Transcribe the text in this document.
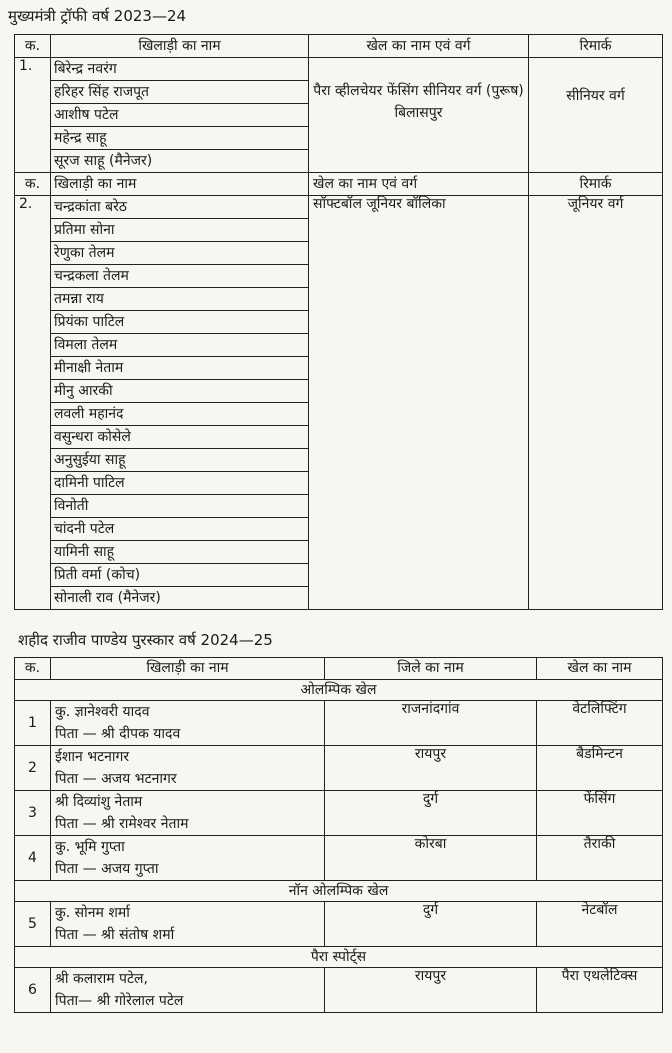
मुख्यमंत्री ट्रॉफी वर्ष 2023—24
क.	खिलाड़ी का नाम	खेल का नाम एवं वर्ग	रिमार्क
1.	बिरेन्द्र नवरंग	पैरा व्हीलचेयर फेंसिंग सीनियर वर्ग (पुरूष) बिलासपुर	सीनियर वर्ग
	हरिहर सिंह राजपूत		
	आशीष पटेल		
	महेन्द्र साहू		
	सूरज साहू (मैनेजर)		
क.	खिलाड़ी का नाम	खेल का नाम एवं वर्ग	रिमार्क
2.	चन्द्रकांता बरेठ	सॉफ्टबॉल जूनियर बॉलिका	जूनियर वर्ग
	प्रतिमा सोना		
	रेणुका तेलम		
	चन्द्रकला तेलम		
	तमन्ना राय		
	प्रियंका पाटिल		
	विमला तेलम		
	मीनाक्षी नेताम		
	मीनु आरकी		
	लवली महानंद		
	वसुन्धरा कोसेले		
	अनुसुईया साहू		
	दामिनी पाटिल		
	विनोती		
	चांदनी पटेल		
	यामिनी साहू		
	प्रिती वर्मा (कोच)		
	सोनाली राव (मैनेजर)		
शहीद राजीव पाण्डेय पुरस्कार वर्ष 2024—25
क.	खिलाड़ी का नाम	जिले का नाम	खेल का नाम
ओलम्पिक खेल			
1	कु. ज्ञानेश्वरी यादव
पिता — श्री दीपक यादव	राजनांदगांव	वेटलिफ्टिंग
2	ईशान भटनागर
पिता — अजय भटनागर	रायपुर	बैडमिन्टन
3	श्री दिव्यांशु नेताम
पिता — श्री रामेश्वर नेताम	दुर्ग	फेंसिंग
4	कु. भूमि गुप्ता
पिता — अजय गुप्ता	कोरबा	तैराकी
नॉन ओलम्पिक खेल			
5	कु. सोनम शर्मा
पिता — श्री संतोष शर्मा	दुर्ग	नेटबॉल
पैरा स्पोर्ट्स			
6	श्री कलाराम पटेल,
पिता— श्री गोरेलाल पटेल	रायपुर	पैरा एथलेटिक्स
